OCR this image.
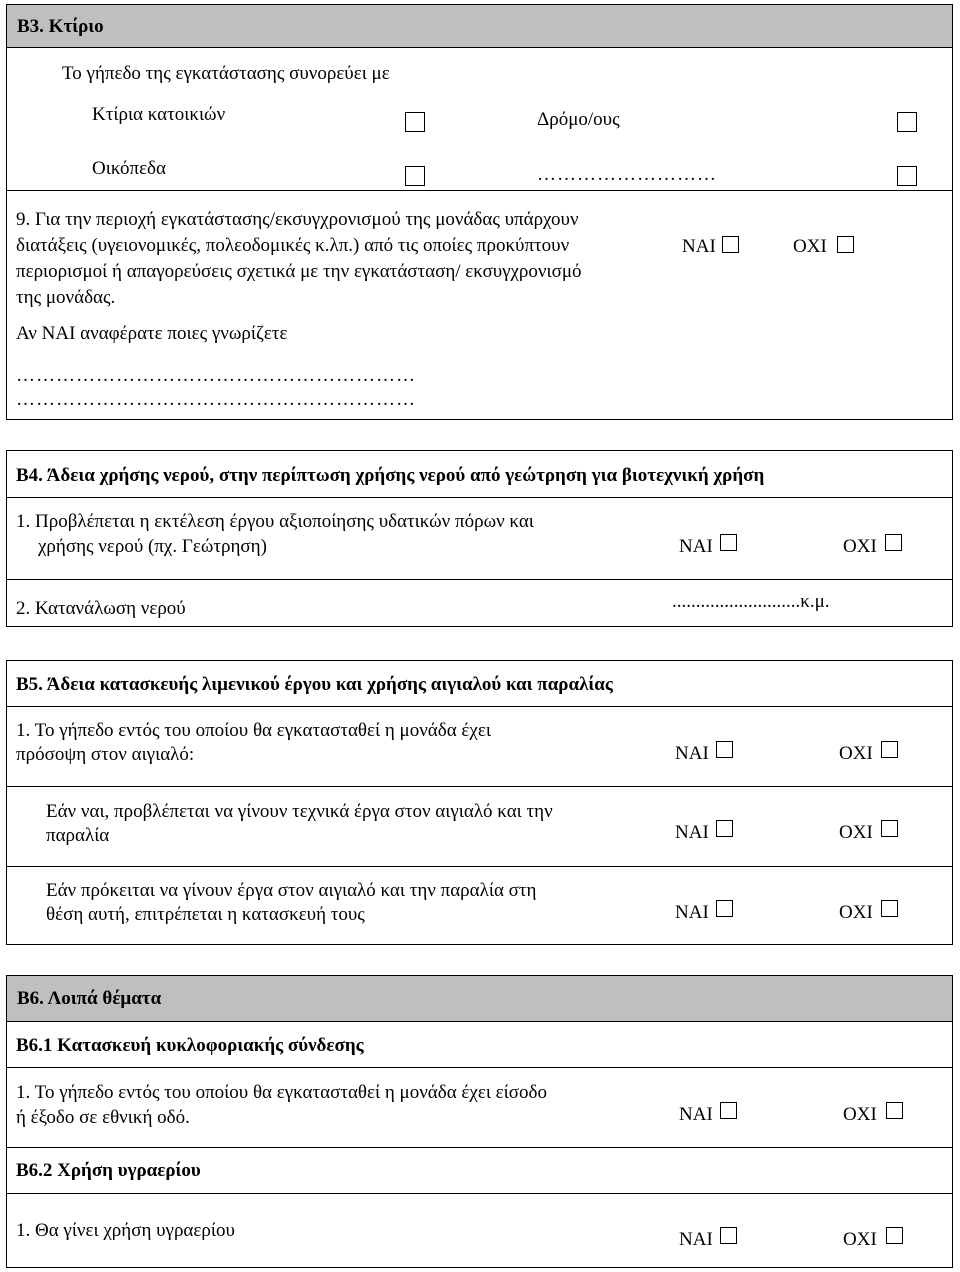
Β3. Κτίριο
Το γήπεδο της εγκατάστασης συνορεύει με
Κτίρια κατοικιών	Δρόμο/ους
Οικόπεδα	………………………
9. Για την περιοχή εγκατάστασης/εκσυγχρονισμού της μονάδας υπάρχουν
διατάξεις (υγειονομικές, πολεοδομικές κ.λπ.) από τις οποίες προκύπτουν
περιορισμοί ή απαγορεύσεις σχετικά με την εγκατάσταση/ εκσυγχρονισμό
της μονάδας.
ΝΑΙ	ΟΧΙ
Αν ΝΑΙ αναφέρατε ποιες γνωρίζετε
……………………………………………………
……………………………………………………
Β4. Άδεια χρήσης νερού, στην περίπτωση χρήσης νερού από γεώτρηση για βιοτεχνική χρήση
1. Προβλέπεται η εκτέλεση έργου αξιοποίησης υδατικών πόρων και
χρήσης νερού (πχ. Γεώτρηση)	ΝΑΙ	ΟΧΙ
2. Κατανάλωση νερού	...........................κ.μ.
Β5. Άδεια κατασκευής λιμενικού έργου και χρήσης αιγιαλού και παραλίας
1. Το γήπεδο εντός του οποίου θα εγκατασταθεί η μονάδα έχει
πρόσοψη στον αιγιαλό:	ΝΑΙ	ΟΧΙ
Εάν ναι, προβλέπεται να γίνουν τεχνικά έργα στον αιγιαλό και την
παραλία	ΝΑΙ	ΟΧΙ
Εάν πρόκειται να γίνουν έργα στον αιγιαλό και την παραλία στη
θέση αυτή, επιτρέπεται η κατασκευή τους	ΝΑΙ	ΟΧΙ
Β6. Λοιπά θέματα
Β6.1 Κατασκευή κυκλοφοριακής σύνδεσης
1. Το γήπεδο εντός του οποίου θα εγκατασταθεί η μονάδα έχει είσοδο
ή έξοδο σε εθνική οδό.	ΝΑΙ	ΟΧΙ
Β6.2 Χρήση υγραερίου
1. Θα γίνει χρήση υγραερίου	ΝΑΙ	ΟΧΙ
